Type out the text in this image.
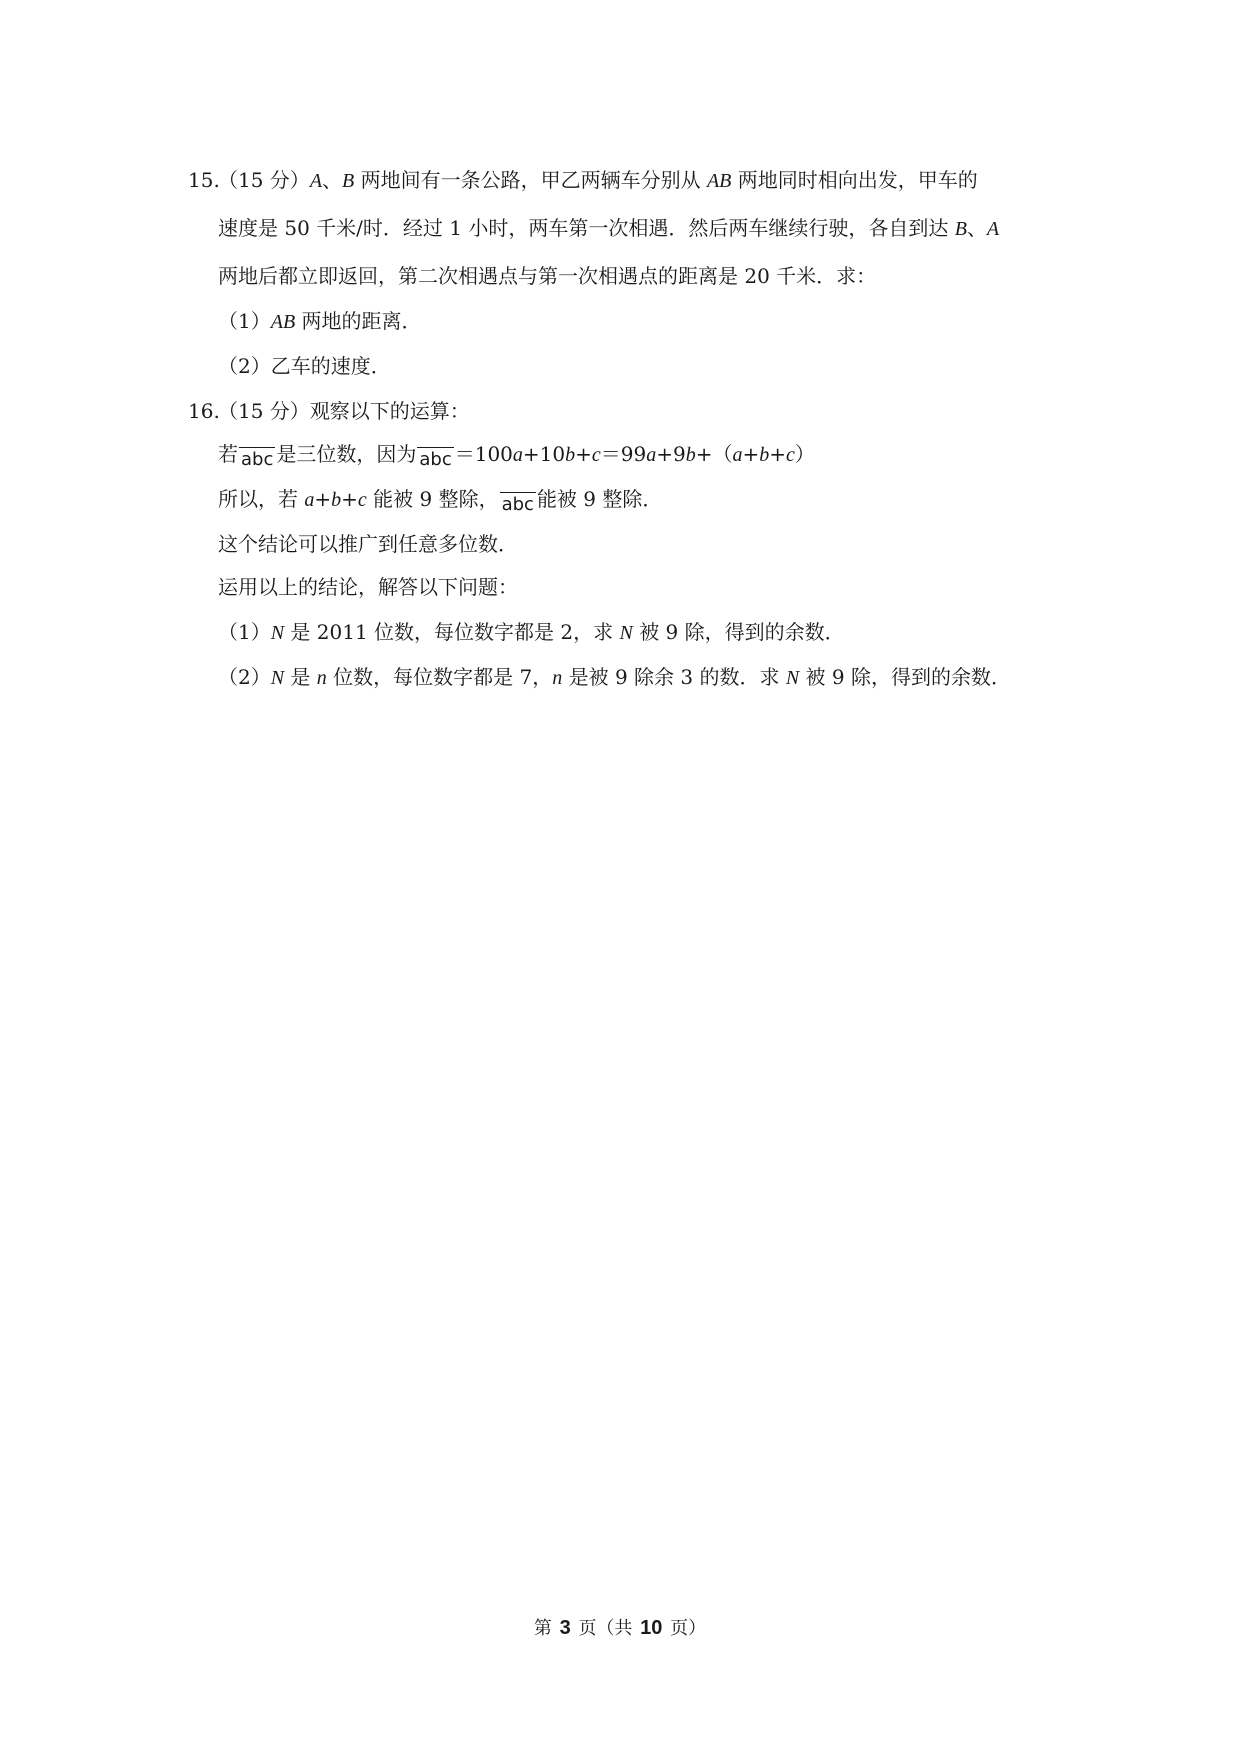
15.（15 分）A、B 两地间有一条公路，甲乙两辆车分别从 AB 两地同时相向出发，甲车的
速度是 50 千米/时．经过 1 小时，两车第一次相遇．然后两车继续行驶，各自到达 B、A
两地后都立即返回，第二次相遇点与第一次相遇点的距离是 20 千米．求：
（1）AB 两地的距离．
（2）乙车的速度．
16.（15 分）观察以下的运算：
若 abc 是三位数，因为 abc ＝100a+10b+c＝99a+9b+（a+b+c）
所以，若 a+b+c 能被 9 整除， abc 能被 9 整除．
这个结论可以推广到任意多位数．
运用以上的结论，解答以下问题：
（1）N 是 2011 位数，每位数字都是 2，求 N 被 9 除，得到的余数．
（2）N 是 n 位数，每位数字都是 7，n 是被 9 除余 3 的数．求 N 被 9 除，得到的余数．
第 3 页（共 10 页）
